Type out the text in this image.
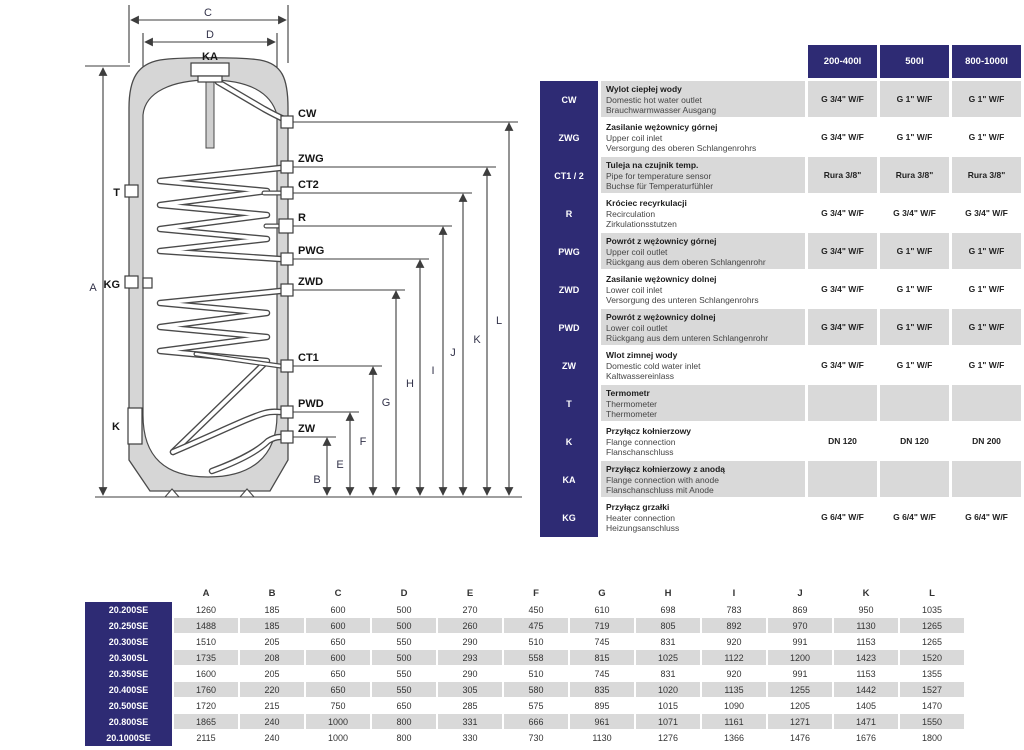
C
D
A
T
KG
K
KA
CW
ZWG
CT2
R
PWG
ZWD
CT1
PWD
ZW
B
E
F
G
H
I
J
K
L
200-400l	500l	800-1000l
CW
Wylot ciepłej wody
Domestic hot water outlet
Brauchwarmwasser Ausgang
G 3/4" W/F	G 1" W/F	G 1" W/F
ZWG
Zasilanie wężownicy górnej
Upper coil inlet
Versorgung des oberen Schlangenrohrs
G 3/4" W/F	G 1" W/F	G 1" W/F
CT1 / 2
Tuleja na czujnik temp.
Pipe for temperature sensor
Buchse für Temperaturfühler
Rura 3/8"	Rura 3/8"	Rura 3/8"
R
Króciec recyrkulacji
Recirculation
Zirkulationsstutzen
G 3/4" W/F	G 3/4" W/F	G 3/4" W/F
PWG
Powrót z wężownicy górnej
Upper coil outlet
Rückgang aus dem oberen Schlangenrohr
G 3/4" W/F	G 1" W/F	G 1" W/F
ZWD
Zasilanie wężownicy dolnej
Lower coil inlet
Versorgung des unteren Schlangenrohrs
G 3/4" W/F	G 1" W/F	G 1" W/F
PWD
Powrót z wężownicy dolnej
Lower coil outlet
Rückgang aus dem unteren Schlangenrohr
G 3/4" W/F	G 1" W/F	G 1" W/F
ZW
Wlot zimnej wody
Domestic cold water inlet
Kaltwassereinlass
G 3/4" W/F	G 1" W/F	G 1" W/F
T
Termometr
Thermometer
Thermometer
K
Przyłącz kołnierzowy
Flange connection
Flanschanschluss
DN 120	DN 120	DN 200
KA
Przyłącz kołnierzowy z anodą
Flange connection with anode
Flanschanschluss mit Anode
KG
Przyłącz grzałki
Heater connection
Heizungsanschluss
G 6/4" W/F	G 6/4" W/F	G 6/4" W/F
A	B	C	D	E	F	G	H	I	J	K	L
20.200SE	1260	185	600	500	270	450	610	698	783	869	950	1035
20.250SE	1488	185	600	500	260	475	719	805	892	970	1130	1265
20.300SE	1510	205	650	550	290	510	745	831	920	991	1153	1265
20.300SL	1735	208	600	500	293	558	815	1025	1122	1200	1423	1520
20.350SE	1600	205	650	550	290	510	745	831	920	991	1153	1355
20.400SE	1760	220	650	550	305	580	835	1020	1135	1255	1442	1527
20.500SE	1720	215	750	650	285	575	895	1015	1090	1205	1405	1470
20.800SE	1865	240	1000	800	331	666	961	1071	1161	1271	1471	1550
20.1000SE	2115	240	1000	800	330	730	1130	1276	1366	1476	1676	1800
